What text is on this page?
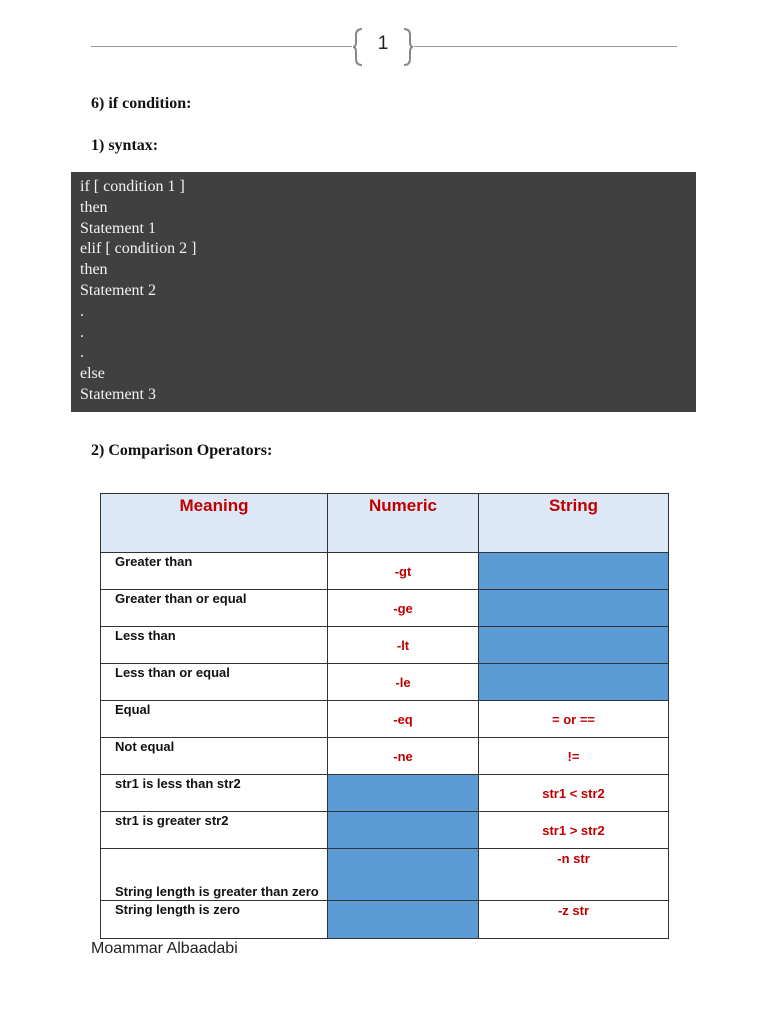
1
6) if condition:
1) syntax:
if [ condition 1 ]
then
Statement 1
elif [ condition 2 ]
then
Statement 2
.
.
.
else
Statement 3
2) Comparison Operators:
Meaning	Numeric	String
Greater than	-gt	
Greater than or equal	-ge	
Less than	-lt	
Less than or equal	-le	
Equal	-eq	= or ==
Not equal	-ne	!=
str1 is less than str2		str1 < str2
str1 is greater str2		str1 > str2
String length is greater than zero		-n str
String length is zero		-z str
Moammar Albaadabi
